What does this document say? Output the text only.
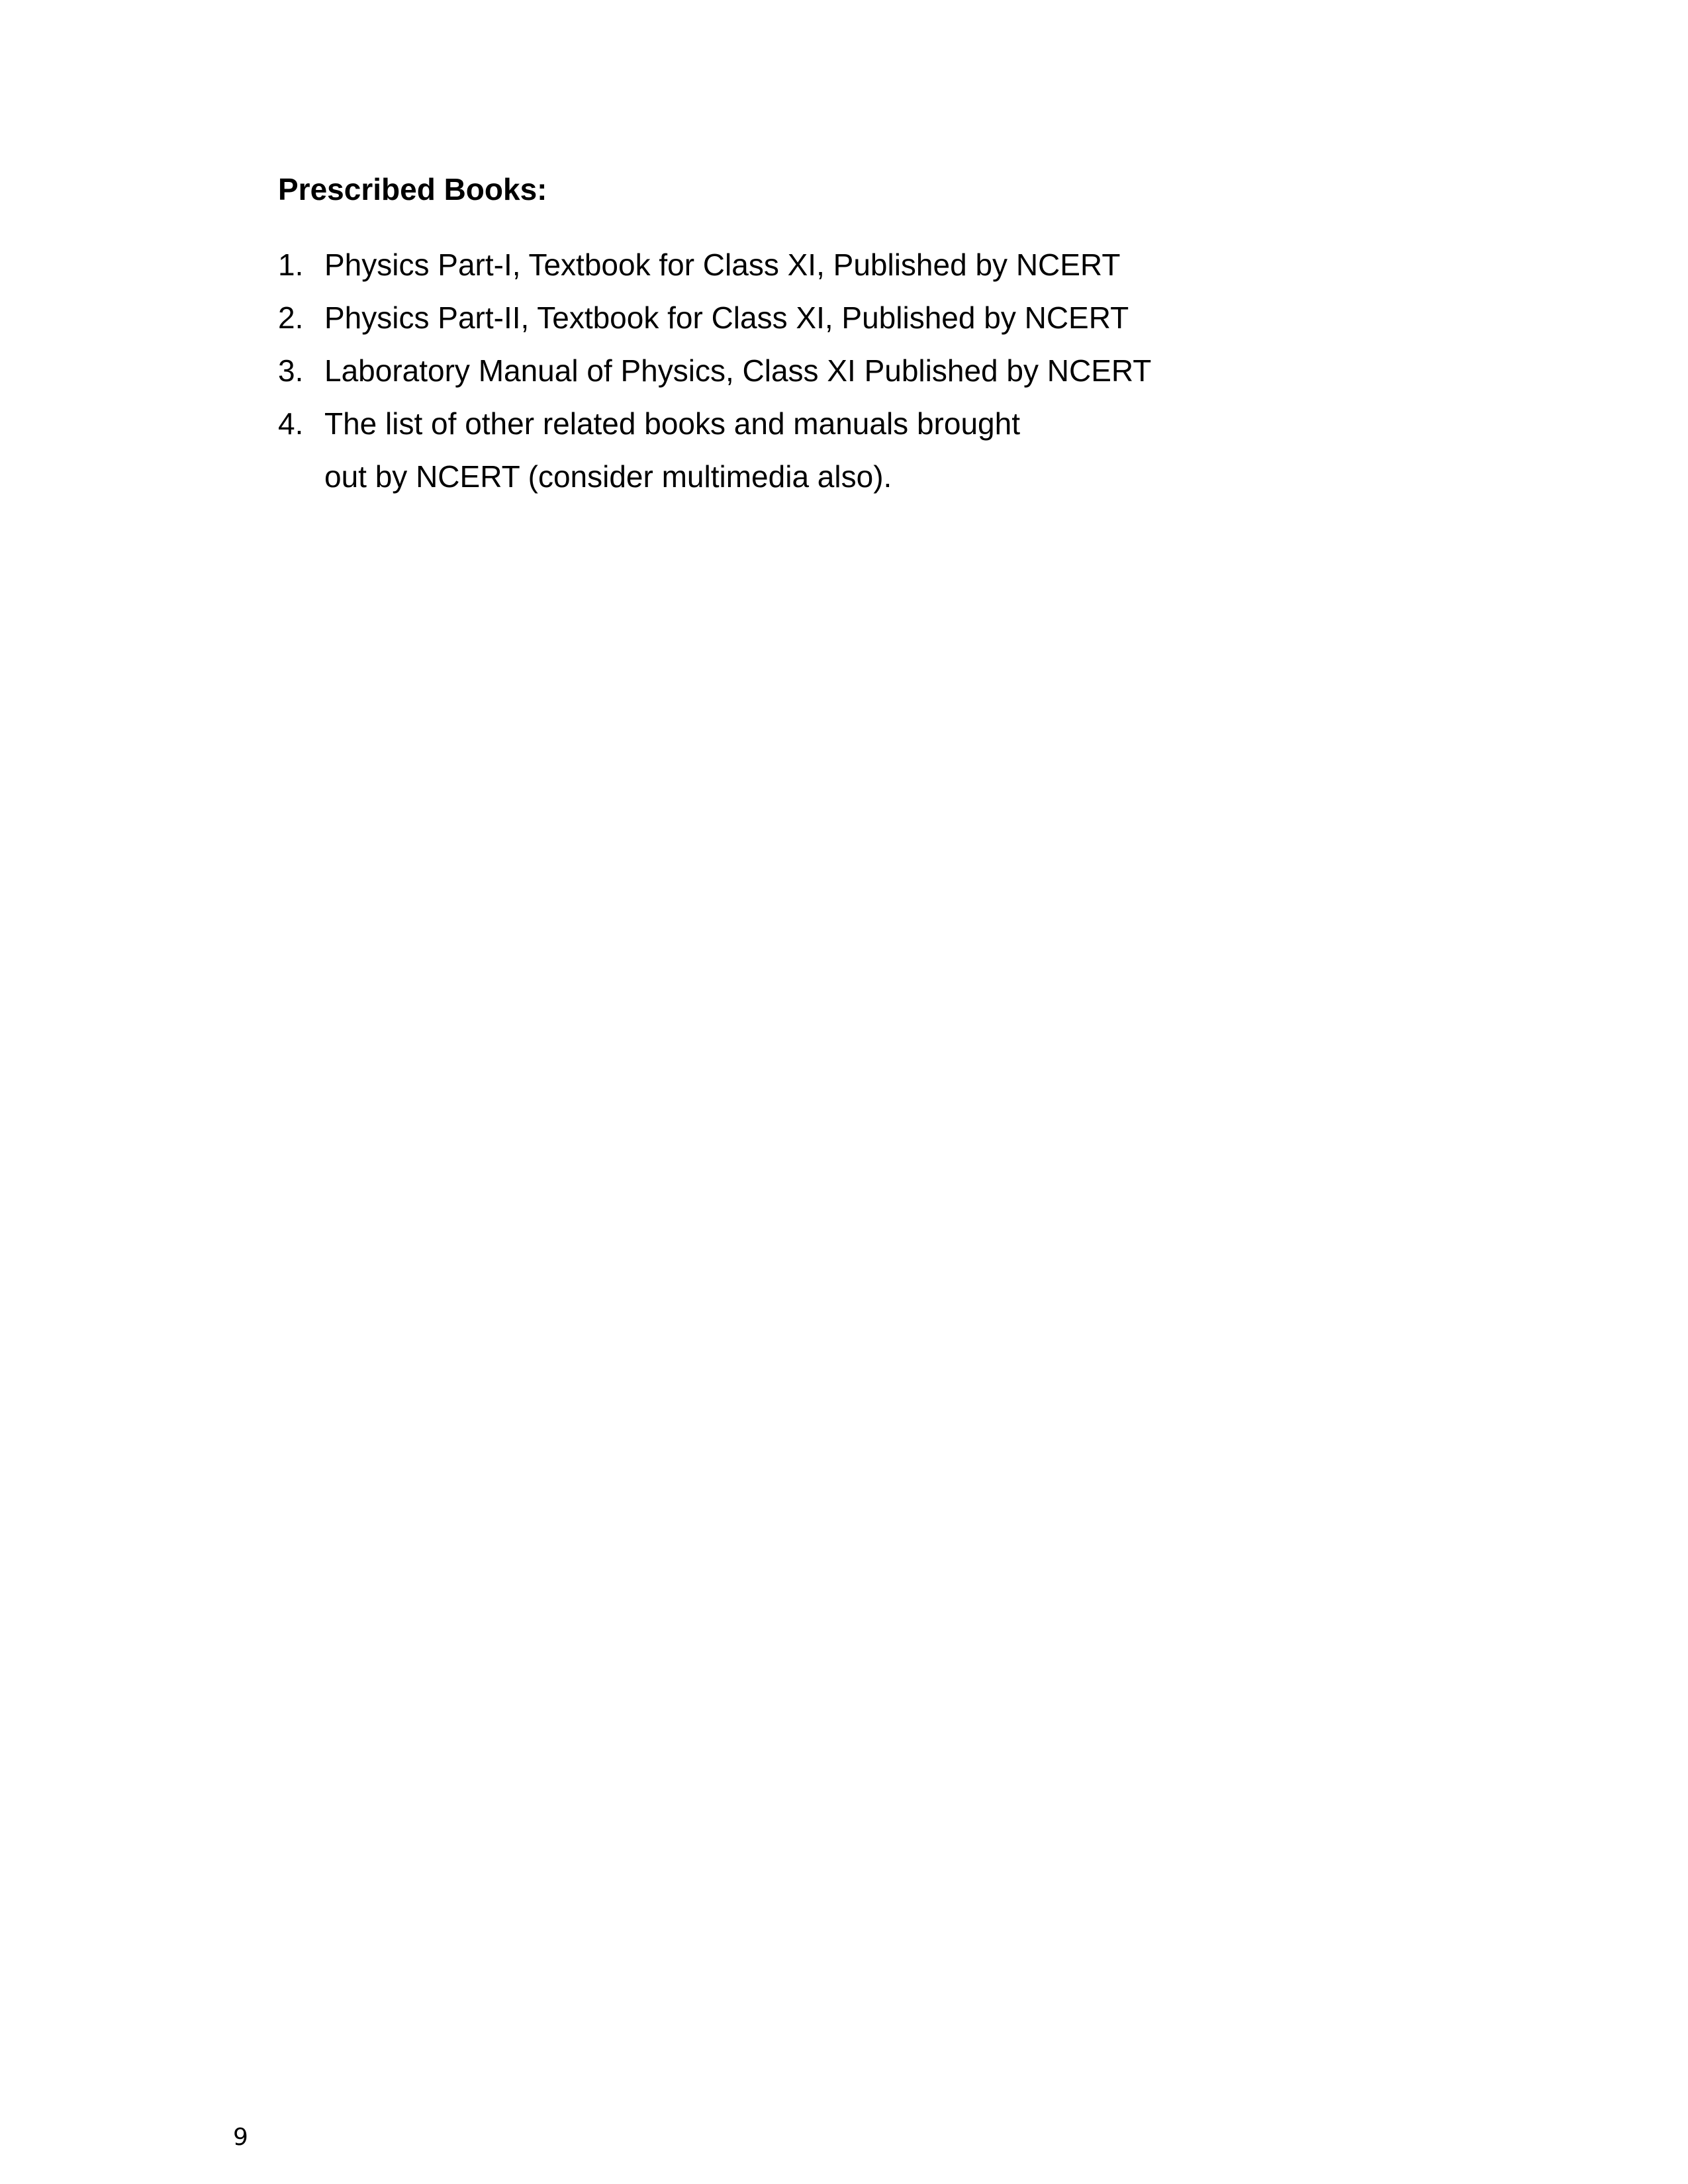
Prescribed Books:
1. Physics Part-I, Textbook for Class XI, Published by NCERT
2. Physics Part-II, Textbook for Class XI, Published by NCERT
3. Laboratory Manual of Physics, Class XI Published by NCERT
4. The list of other related books and manuals brought
out by NCERT (consider multimedia also).
9
